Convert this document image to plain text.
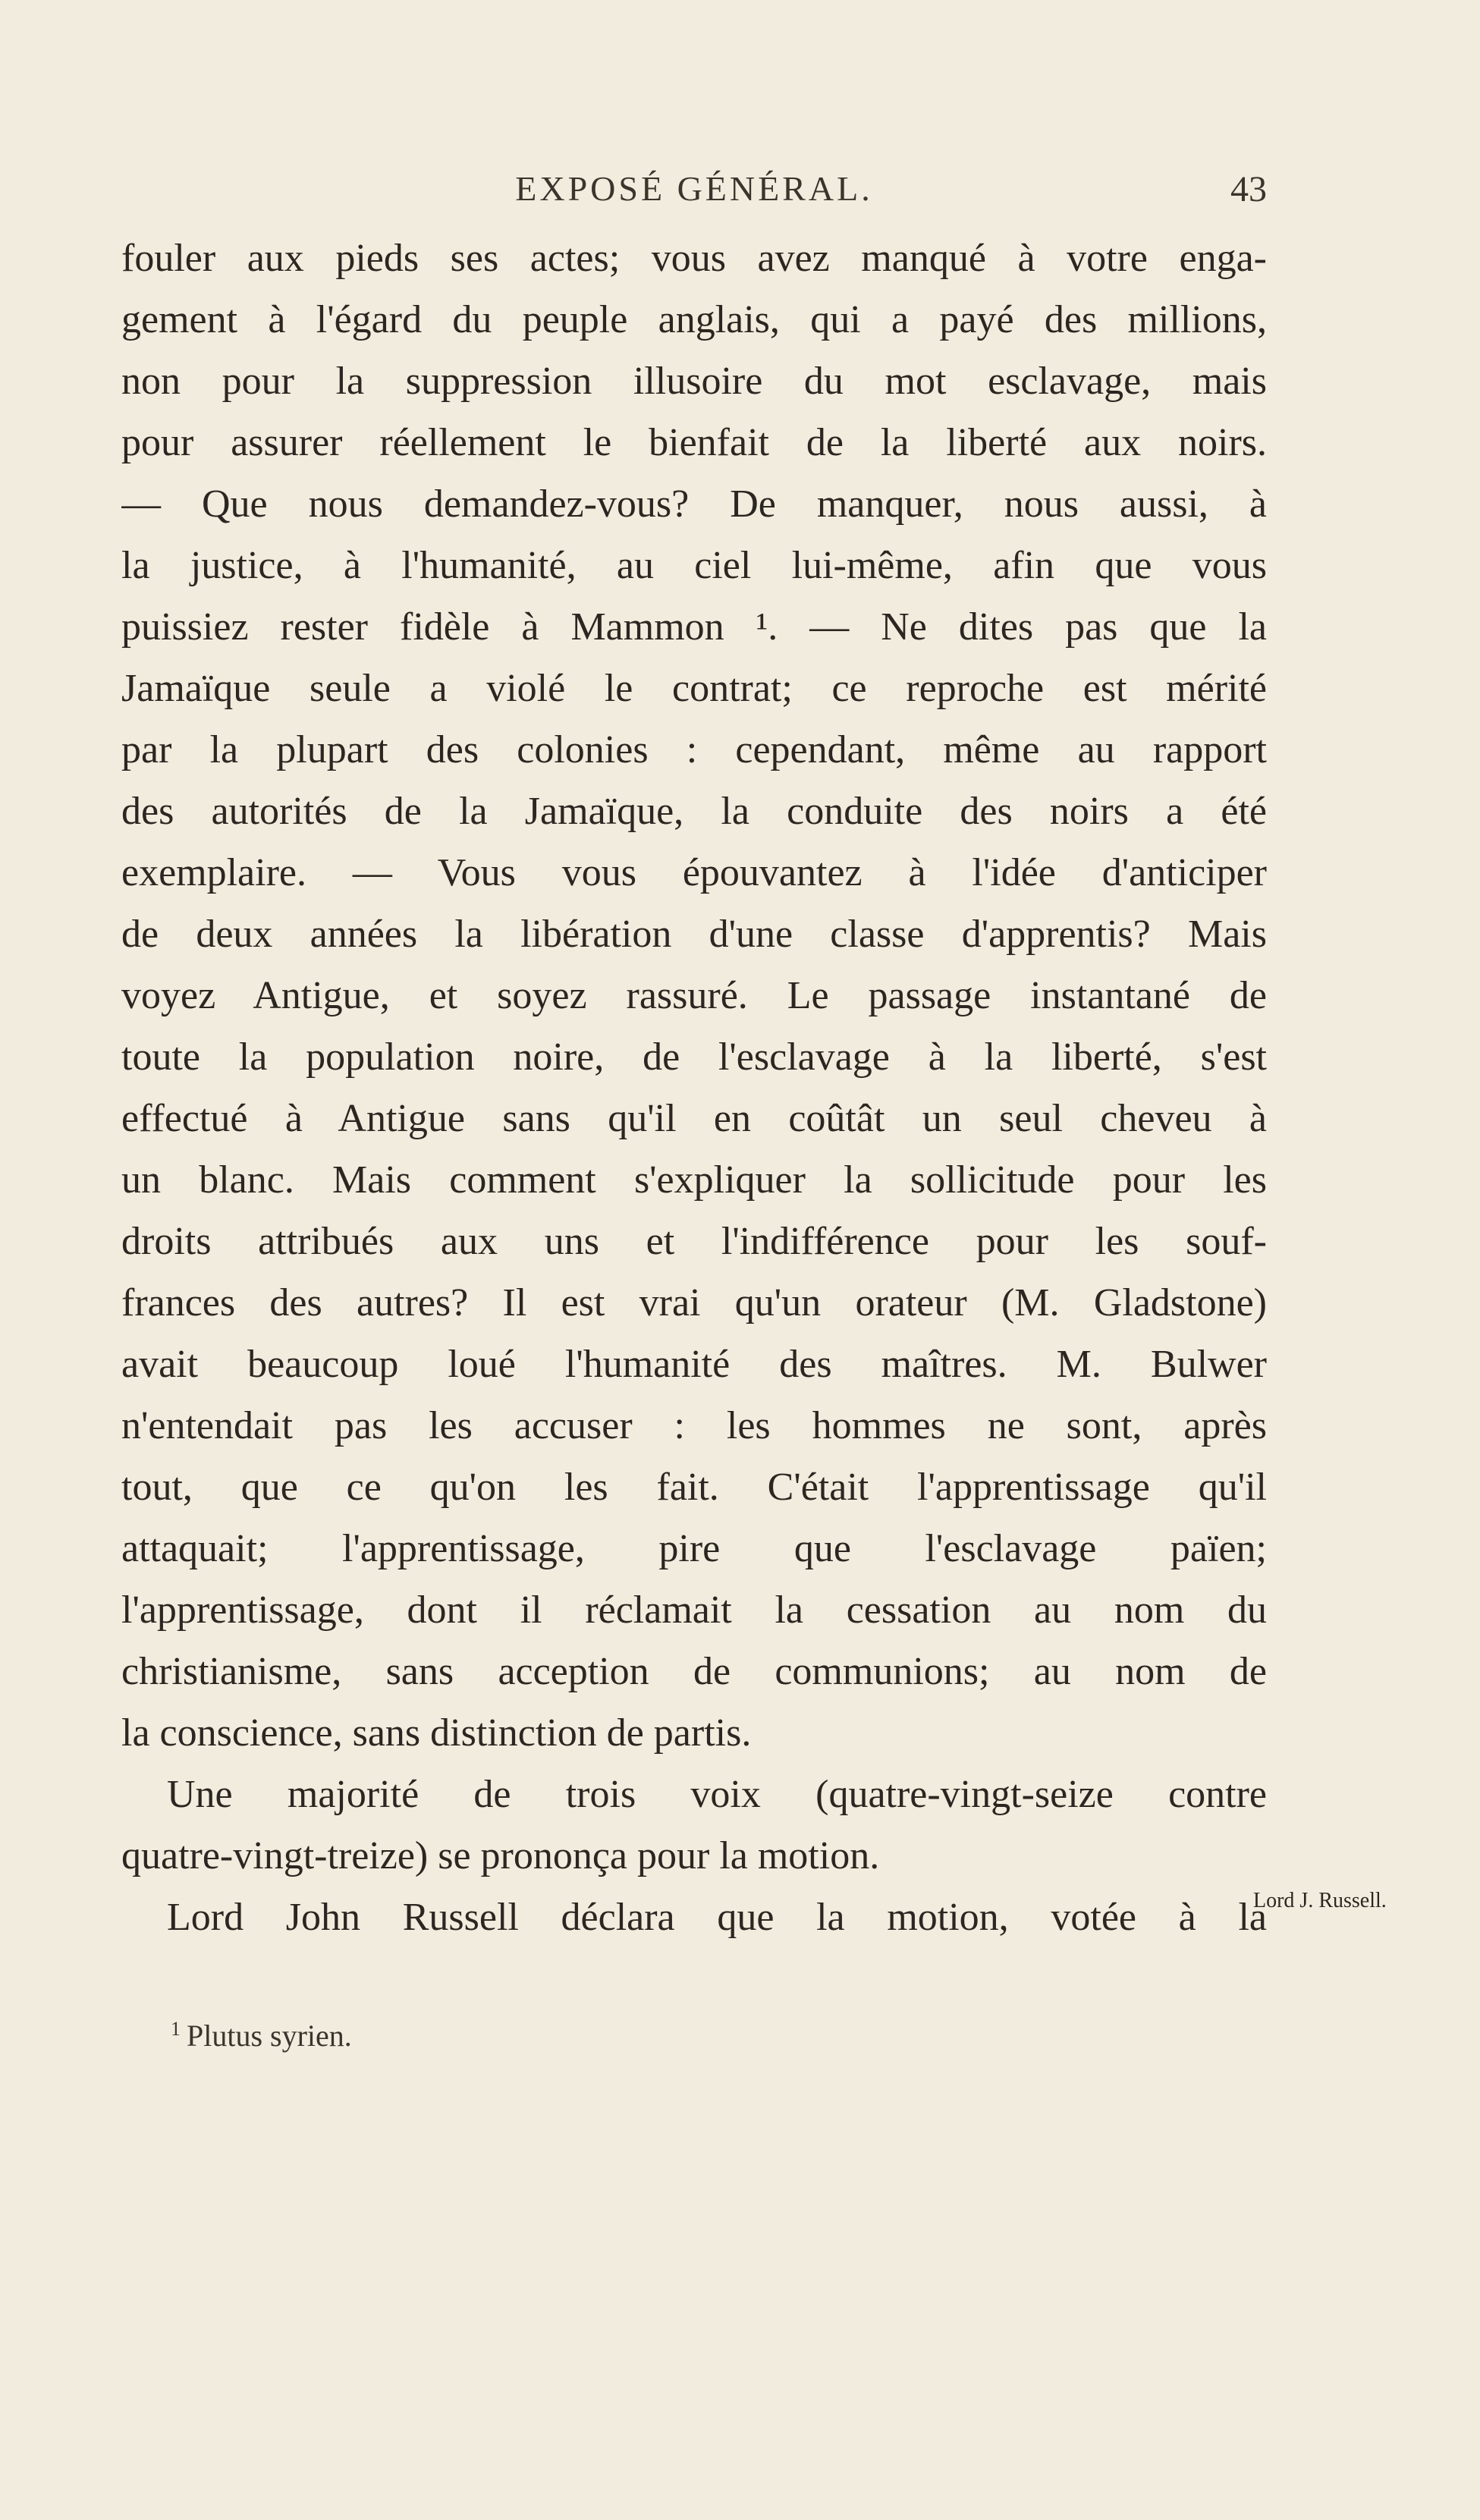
EXPOSÉ GÉNÉRAL.	43
fouler aux pieds ses actes; vous avez manqué à votre enga-
gement à l'égard du peuple anglais, qui a payé des millions,
non pour la suppression illusoire du mot esclavage, mais
pour assurer réellement le bienfait de la liberté aux noirs.
— Que nous demandez-vous? De manquer, nous aussi, à
la justice, à l'humanité, au ciel lui-même, afin que vous
puissiez rester fidèle à Mammon ¹. — Ne dites pas que la
Jamaïque seule a violé le contrat; ce reproche est mérité
par la plupart des colonies : cependant, même au rapport
des autorités de la Jamaïque, la conduite des noirs a été
exemplaire. — Vous vous épouvantez à l'idée d'anticiper
de deux années la libération d'une classe d'apprentis? Mais
voyez Antigue, et soyez rassuré. Le passage instantané de
toute la population noire, de l'esclavage à la liberté, s'est
effectué à Antigue sans qu'il en coûtât un seul cheveu à
un blanc. Mais comment s'expliquer la sollicitude pour les
droits attribués aux uns et l'indifférence pour les souf-
frances des autres? Il est vrai qu'un orateur (M. Gladstone)
avait beaucoup loué l'humanité des maîtres. M. Bulwer
n'entendait pas les accuser : les hommes ne sont, après
tout, que ce qu'on les fait. C'était l'apprentissage qu'il
attaquait; l'apprentissage, pire que l'esclavage païen;
l'apprentissage, dont il réclamait la cessation au nom du
christianisme, sans acception de communions; au nom de
la conscience, sans distinction de partis.
Une majorité de trois voix (quatre-vingt-seize contre
quatre-vingt-treize) se prononça pour la motion.
Lord John Russell déclara que la motion, votée à la
Lord J. Russell.
$^1$ Plutus syrien.
